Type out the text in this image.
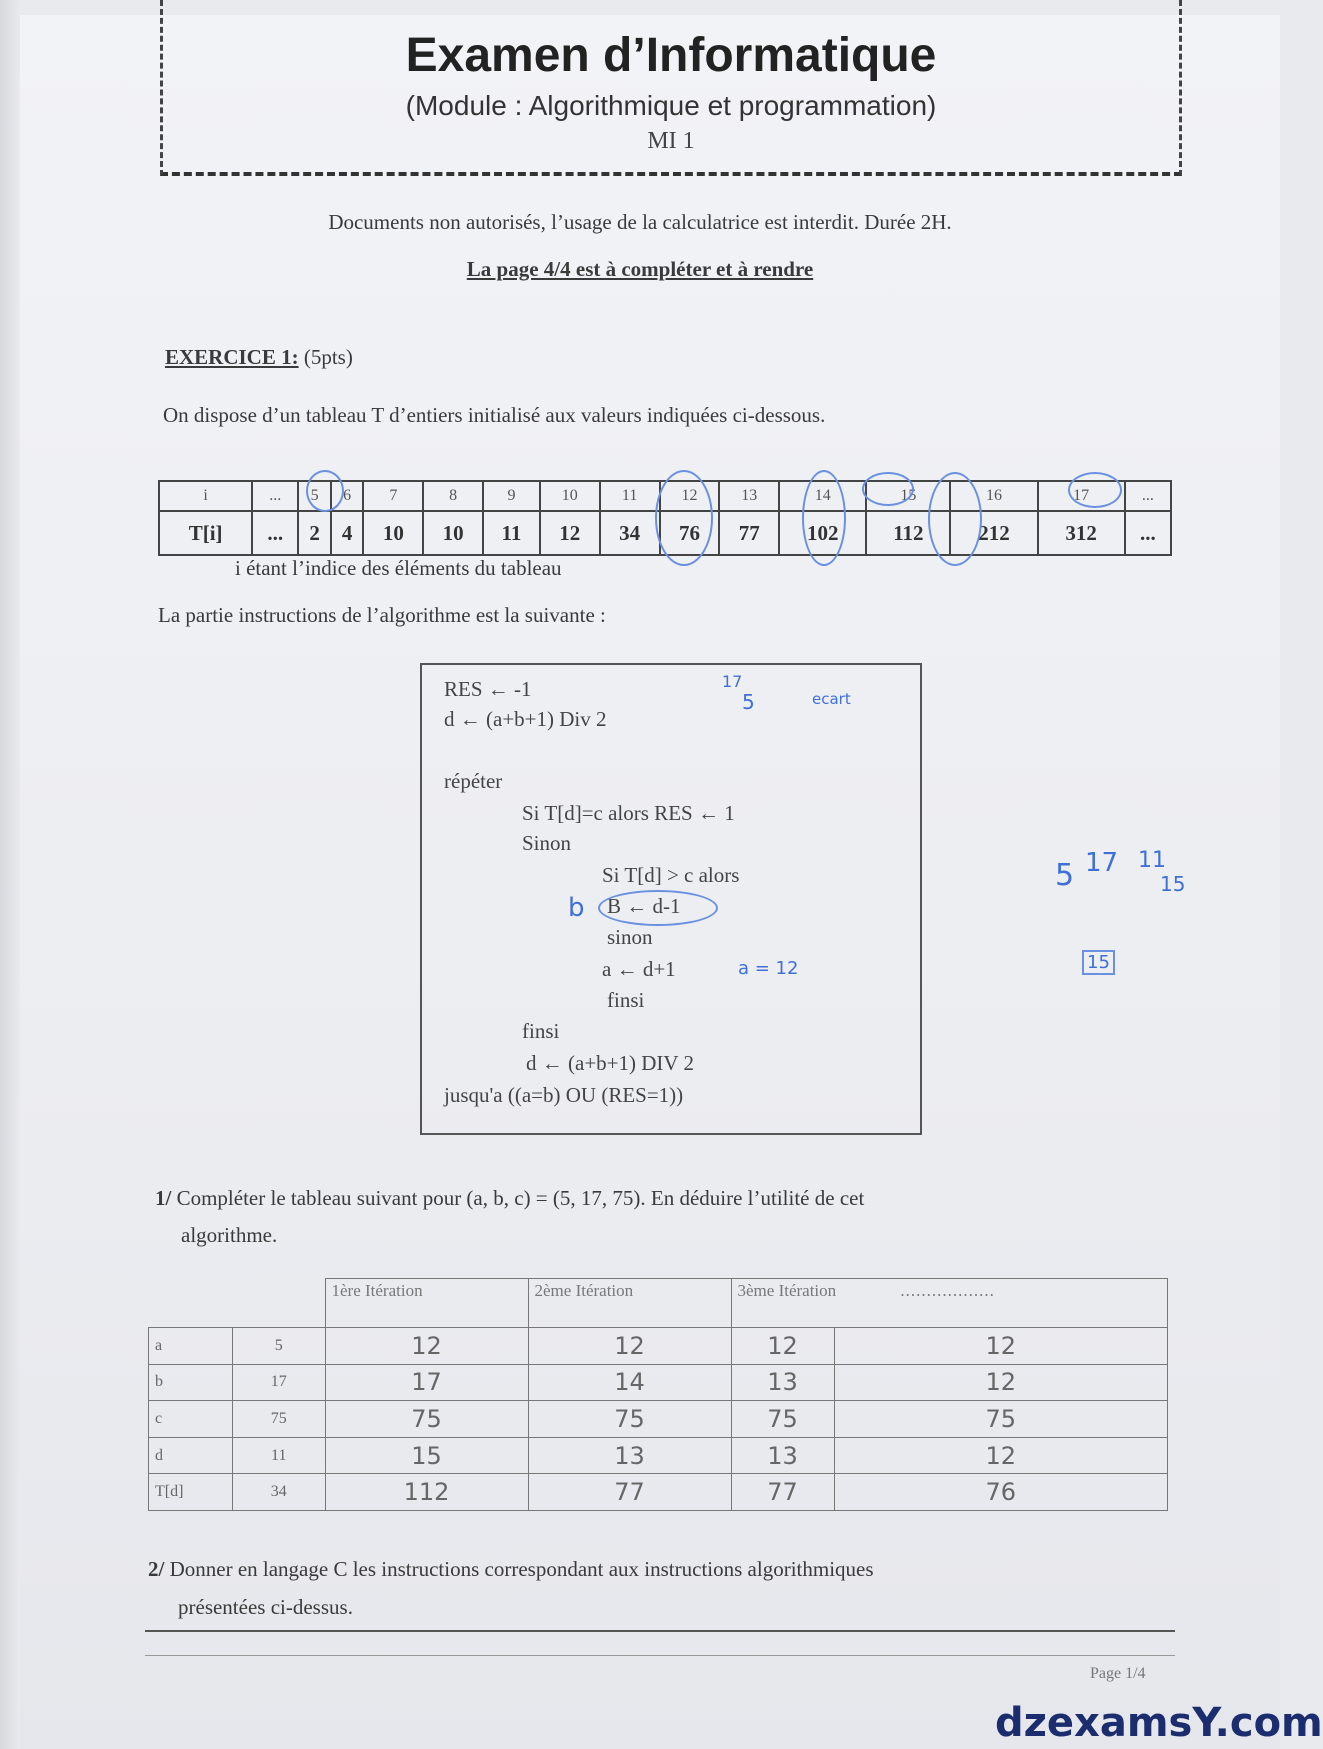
Examen d’Informatique
(Module : Algorithmique et programmation)
MI 1
Documents non autorisés, l’usage de la calculatrice est interdit. Durée 2H.
La page 4/4 est à compléter et à rendre
EXERCICE 1: (5pts)
On dispose d’un tableau T d’entiers initialisé aux valeurs indiquées ci-dessous.
i	...	5	6	7	8	9	10	11	12	13	14	15	16	17	...
T[i]	...	2	4	10	10	11	12	34	76	77	102	112	212	312	...
i étant l’indice des éléments du tableau
La partie instructions de l’algorithme est la suivante :
RES ← -1
d ← (a+b+1) Div 2
répéter
Si T[d]=c alors RES ← 1
Sinon
Si T[d] > c alors
B ← d-1
sinon
a ← d+1
finsi
finsi
d ← (a+b+1) DIV 2
jusqu'a ((a=b) OU (RES=1))
17
5	ecart
b
a = 12
5 17 11
15
15
1/ Compléter le tableau suivant pour (a, b, c) = (5, 17, 75). En déduire l’utilité de cet
algorithme.
		1ère Itération	2ème Itération	3ème Itération ..................	
a	5	12	12	12	12
b	17	17	14	13	12
c	75	75	75	75	75
d	11	15	13	13	12
T[d]	34	112	77	77	76
2/ Donner en langage C les instructions correspondant aux instructions algorithmiques
présentées ci-dessus.
Page 1/4
dzexamsY.com
